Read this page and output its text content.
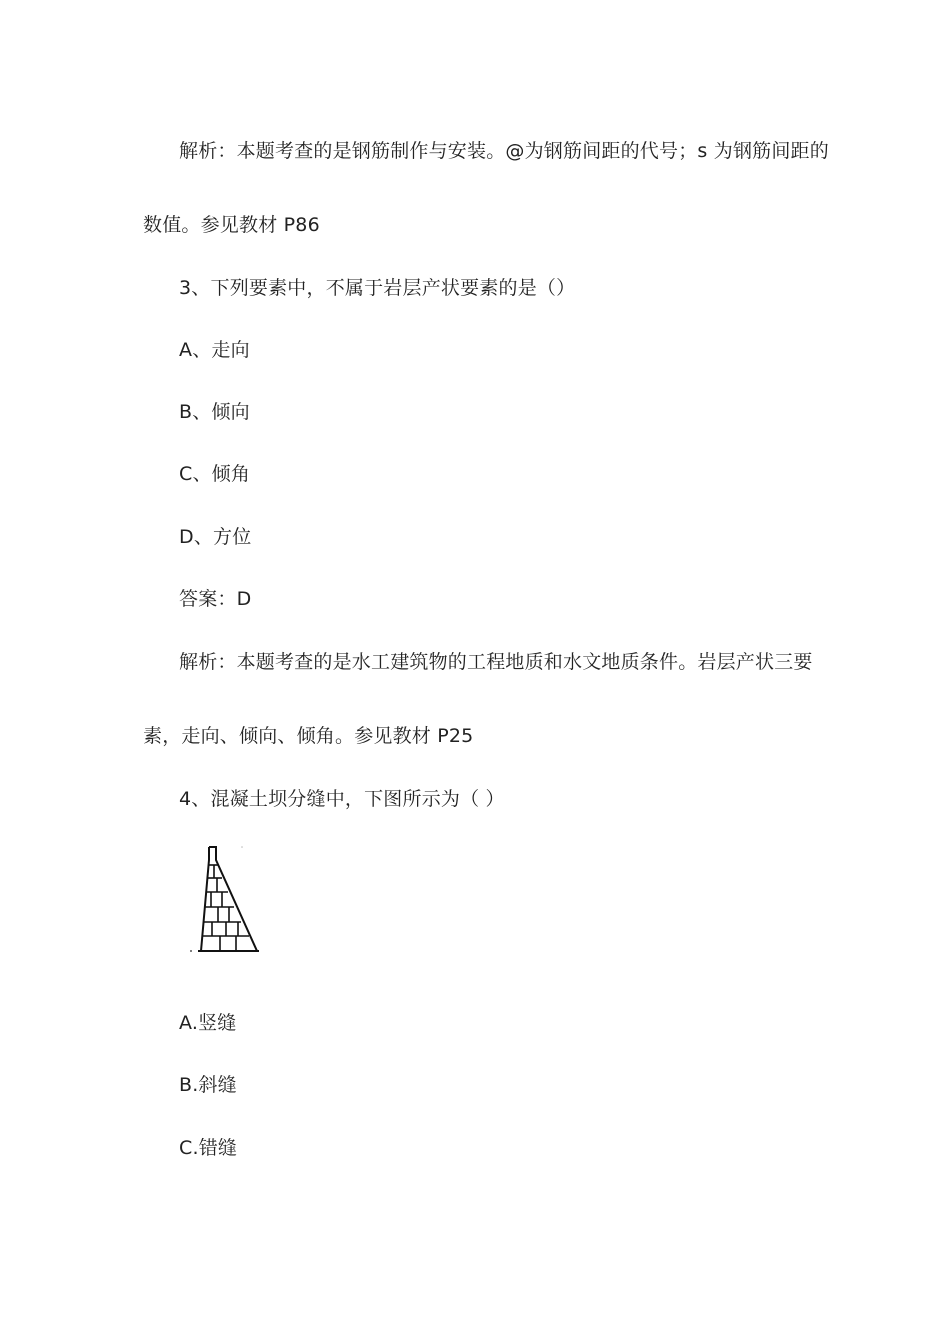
解析：本题考查的是钢筋制作与安装。@为钢筋间距的代号；s 为钢筋间距的
数值。参见教材 P86
3、下列要素中，不属于岩层产状要素的是（）
A、走向
B、倾向
C、倾角
D、方位
答案：D
解析：本题考查的是水工建筑物的工程地质和水文地质条件。岩层产状三要
素，走向、倾向、倾角。参见教材 P25
4、混凝土坝分缝中，下图所示为（ ）
A.竖缝
B.斜缝
C.错缝
